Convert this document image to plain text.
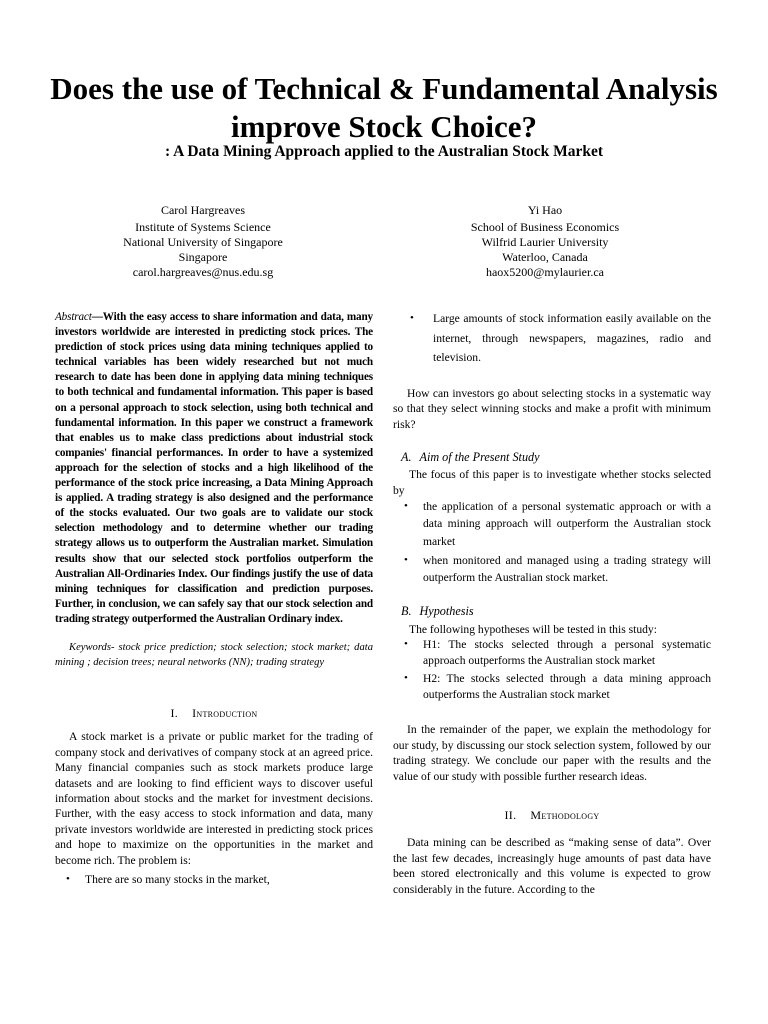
Does the use of Technical & Fundamental Analysis improve Stock Choice?
: A Data Mining Approach applied to the Australian Stock Market
Carol Hargreaves
Institute of Systems Science
National University of Singapore
Singapore
carol.hargreaves@nus.edu.sg
Yi Hao
School of Business Economics
Wilfrid Laurier University
Waterloo, Canada
haox5200@mylaurier.ca

Abstract—With the easy access to share information and data, many investors worldwide are interested in predicting stock prices. The prediction of stock prices using data mining techniques applied to technical variables has been widely researched but not much research to date has been done in applying data mining techniques to both technical and fundamental information. This paper is based on a personal approach to stock selection, using both technical and fundamental information. In this paper we construct a framework that enables us to make class predictions about industrial stock companies' financial performances. In order to have a systemized approach for the selection of stocks and a high likelihood of the performance of the stock price increasing, a Data Mining Approach is applied. A trading strategy is also designed and the performance of the stocks evaluated. Our two goals are to validate our stock selection methodology and to determine whether our trading strategy allows us to outperform the Australian market. Simulation results show that our selected stock portfolios outperform the Australian All-Ordinaries Index. Our findings justify the use of data mining techniques for classification and prediction purposes. Further, in conclusion, we can safely say that our stock selection and trading strategy outperformed the Australian Ordinary index.

Keywords- stock price prediction; stock selection; stock market; data mining ; decision trees; neural networks (NN); trading strategy

I. Introduction

A stock market is a private or public market for the trading of company stock and derivatives of company stock at an agreed price. Many financial companies such as stock markets produce large datasets and are looking to find efficient ways to discover useful information about stocks and the market for investment decisions. Further, with the easy access to stock information and data, many private investors worldwide are interested in predicting stock prices and hope to maximize on the opportunities in the market and become rich. The problem is:

• There are so many stocks in the market,
• Large amounts of stock information easily available on the internet, through newspapers, magazines, radio and television.

How can investors go about selecting stocks in a systematic way so that they select winning stocks and make a profit with minimum risk?

A. Aim of the Present Study

The focus of this paper is to investigate whether stocks selected by

• the application of a personal systematic approach or with a data mining approach will outperform the Australian stock market
• when monitored and managed using a trading strategy will outperform the Australian stock market.
B. Hypothesis

The following hypotheses will be tested in this study:

• H1: The stocks selected through a personal systematic approach outperforms the Australian stock market
• H2: The stocks selected through a data mining approach outperforms the Australian stock market

In the remainder of the paper, we explain the methodology for our study, by discussing our stock selection system, followed by our trading strategy. We conclude our paper with the results and the value of our study with possible further research ideas.

II. Methodology

Data mining can be described as “making sense of data”. Over the last few decades, increasingly huge amounts of past data have been stored electronically and this volume is expected to grow considerably in the future. According to the
